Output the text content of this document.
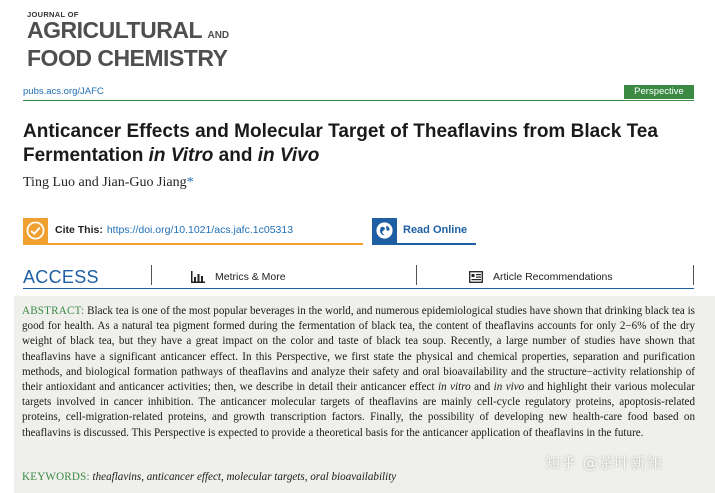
JOURNAL OF
AGRICULTURAL AND
FOOD CHEMISTRY
pubs.acs.org/JAFC	Perspective
Anticancer Effects and Molecular Target of Theaflavins from Black Tea Fermentation in Vitro and in Vivo
Ting Luo and Jian-Guo Jiang*
Cite This: https://doi.org/10.1021/acs.jafc.1c05313	Read Online
ACCESS	Metrics & More	Article Recommendations
ABSTRACT: Black tea is one of the most popular beverages in the world, and numerous epidemiological studies have shown that drinking black tea is good for health. As a natural tea pigment formed during the fermentation of black tea, the content of theaflavins accounts for only 2−6% of the dry weight of black tea, but they have a great impact on the color and taste of black tea soup. Recently, a large number of studies have shown that theaflavins have a significant anticancer effect. In this Perspective, we first state the physical and chemical properties, separation and purification methods, and biological formation pathways of theaflavins and analyze their safety and oral bioavailability and the structure−activity relationship of their antioxidant and anticancer activities; then, we describe in detail their anticancer effect in vitro and in vivo and highlight their various molecular targets involved in cancer inhibition. The anticancer molecular targets of theaflavins are mainly cell-cycle regulatory proteins, apoptosis-related proteins, cell-migration-related proteins, and growth transcription factors. Finally, the possibility of developing new health-care food based on theaflavins is discussed. This Perspective is expected to provide a theoretical basis for the anticancer application of theaflavins in the future.
KEYWORDS: theaflavins, anticancer effect, molecular targets, oral bioavailability
知乎 @茶叶新知
